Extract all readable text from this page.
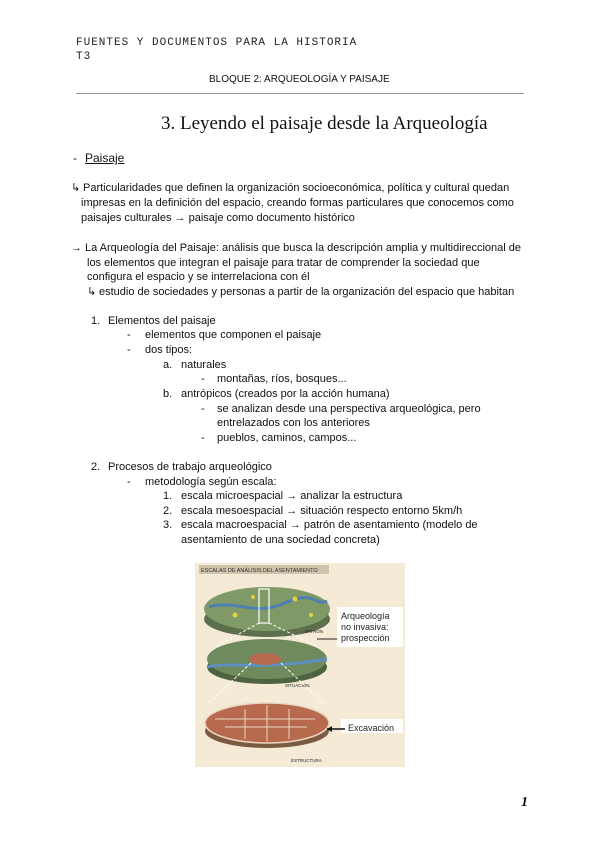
FUENTES Y DOCUMENTOS PARA LA HISTORIA
T3
BLOQUE 2: ARQUEOLOGÍA Y PAISAJE
3. Leyendo el paisaje desde la Arqueología
- Paisaje
↳ Particularidades que definen la organización socioeconómica, política y cultural quedan
impresas en la definición del espacio, creando formas particulares que conocemos como
paisajes culturales → paisaje como documento histórico
→ La Arqueología del Paisaje: análisis que busca la descripción amplia y multidireccional de
los elementos que integran el paisaje para tratar de comprender la sociedad que
configura el espacio y se interrelaciona con él
↳ estudio de sociedades y personas a partir de la organización del espacio que habitan
1. Elementos del paisaje
- elementos que componen el paisaje
- dos tipos:
a. naturales
- montañas, ríos, bosques...
b. antrópicos (creados por la acción humana)
- se analizan desde una perspectiva arqueológica, pero
entrelazados con los anteriores
- pueblos, caminos, campos...
2. Procesos de trabajo arqueológico
- metodología según escala:
1. escala microespacial → analizar la estructura
2. escala mesoespacial → situación respecto entorno 5km/h
3. escala macroespacial → patrón de asentamiento (modelo de
asentamiento de una sociedad concreta)
ESCALAS DE ANÁLISIS DEL ASENTAMIENTO
PATRÓN
SITUACIÓN
ESTRUCTURA
Arqueología
no invasiva:
prospección
Excavación
1
